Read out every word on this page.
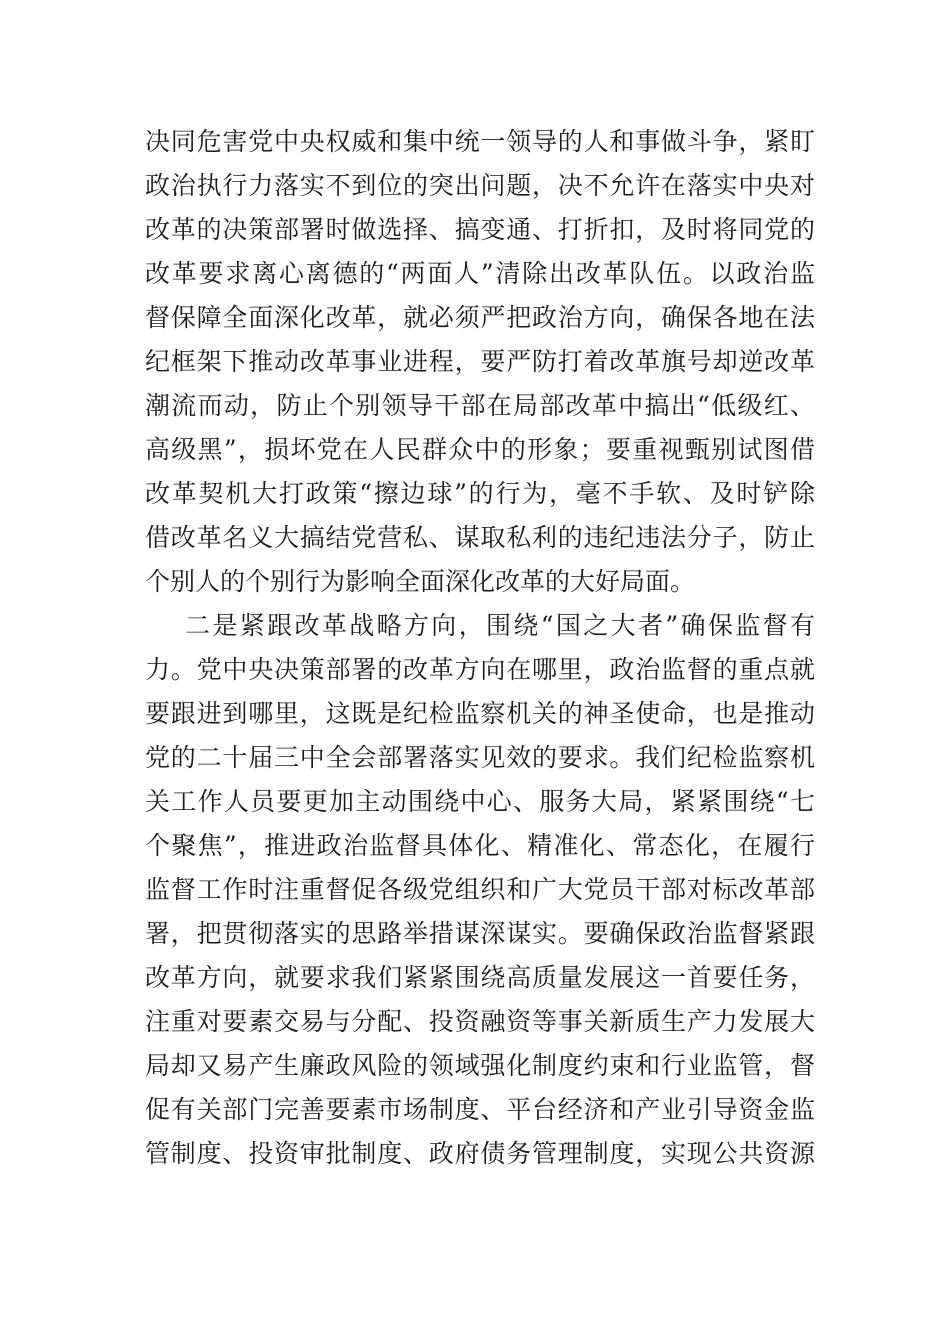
决同危害党中央权威和集中统一领导的人和事做斗争，紧盯
政治执行力落实不到位的突出问题，决不允许在落实中央对
改革的决策部署时做选择、搞变通、打折扣，及时将同党的
改革要求离心离德的“两面人”清除出改革队伍。以政治监
督保障全面深化改革，就必须严把政治方向，确保各地在法
纪框架下推动改革事业进程，要严防打着改革旗号却逆改革
潮流而动，防止个别领导干部在局部改革中搞出“低级红、
高级黑”，损坏党在人民群众中的形象；要重视甄别试图借
改革契机大打政策“擦边球”的行为，毫不手软、及时铲除
借改革名义大搞结党营私、谋取私利的违纪违法分子，防止
个别人的个别行为影响全面深化改革的大好局面。
二是紧跟改革战略方向，围绕“国之大者”确保监督有
力。党中央决策部署的改革方向在哪里，政治监督的重点就
要跟进到哪里，这既是纪检监察机关的神圣使命，也是推动
党的二十届三中全会部署落实见效的要求。我们纪检监察机
关工作人员要更加主动围绕中心、服务大局，紧紧围绕“七
个聚焦”，推进政治监督具体化、精准化、常态化，在履行
监督工作时注重督促各级党组织和广大党员干部对标改革部
署，把贯彻落实的思路举措谋深谋实。要确保政治监督紧跟
改革方向，就要求我们紧紧围绕高质量发展这一首要任务，
注重对要素交易与分配、投资融资等事关新质生产力发展大
局却又易产生廉政风险的领域强化制度约束和行业监管，督
促有关部门完善要素市场制度、平台经济和产业引导资金监
管制度、投资审批制度、政府债务管理制度，实现公共资源
